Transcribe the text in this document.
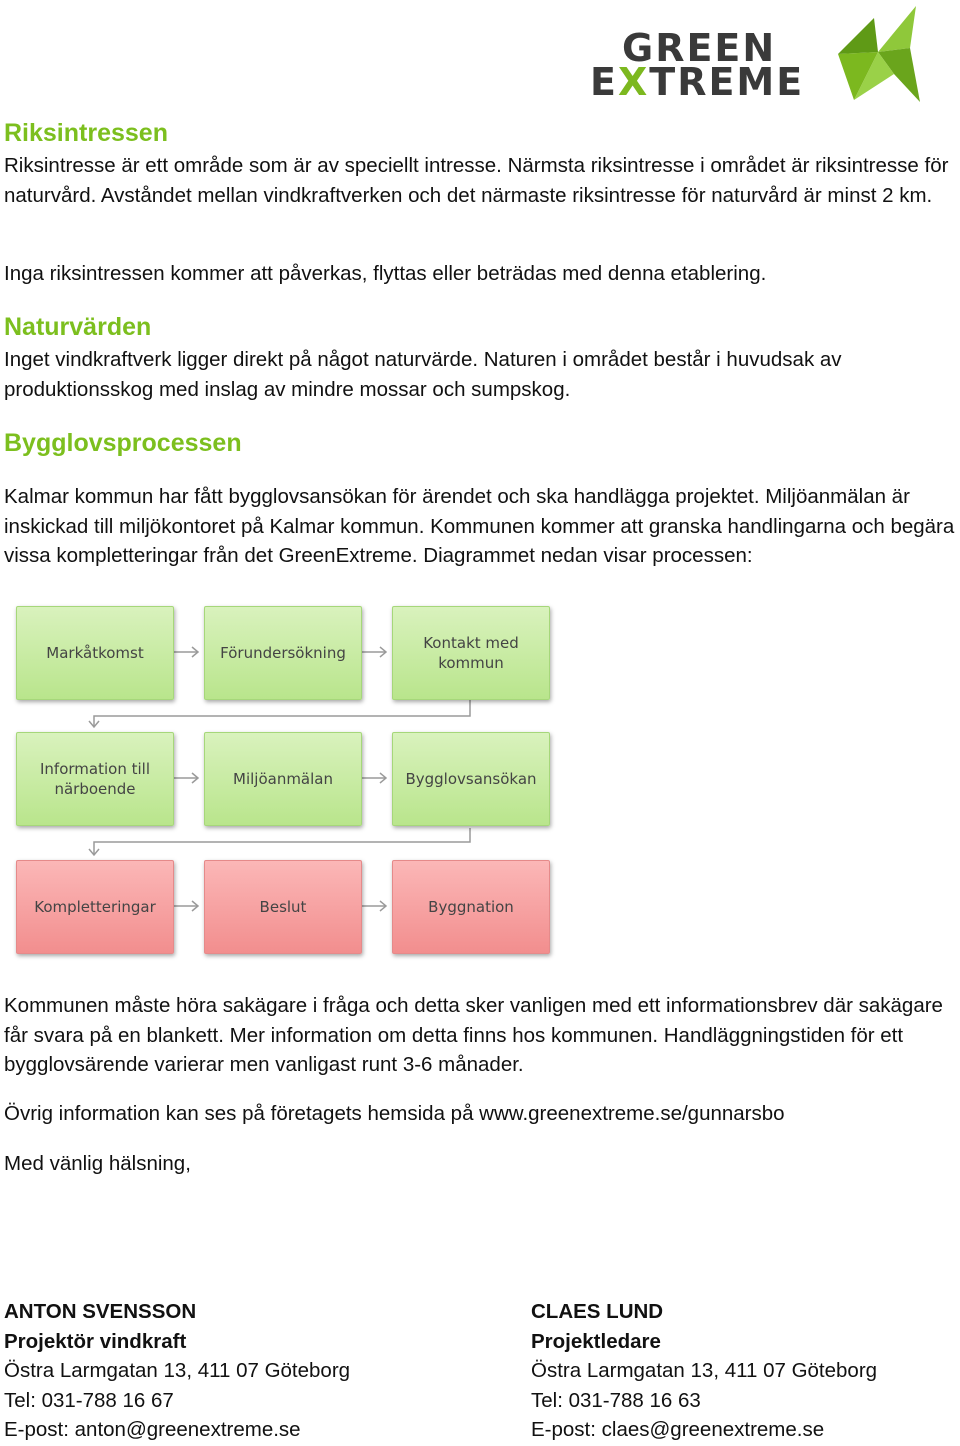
GREEN
EXTREME
Riksintressen

Riksintresse är ett område som är av speciellt intresse. Närmsta riksintresse i området är riksintresse för naturvård. Avståndet mellan vindkraftverken och det närmaste riksintresse för naturvård är minst 2 km.

Inga riksintressen kommer att påverkas, flyttas eller beträdas med denna etablering.

Naturvärden

Inget vindkraftverk ligger direkt på något naturvärde. Naturen i området består i huvudsak av produktionsskog med inslag av mindre mossar och sumpskog.

Bygglovsprocessen

Kalmar kommun har fått bygglovsansökan för ärendet och ska handlägga projektet. Miljöanmälan är inskickad till miljökontoret på Kalmar kommun. Kommunen kommer att granska handlingarna och begära vissa kompletteringar från det GreenExtreme. Diagrammet nedan visar processen:

Markåtkomst	Förundersökning
Kontakt med kommun
Information till närboende
Miljöanmälan	Bygglovsansökan
Kompletteringar	Beslut	Byggnation

Kommunen måste höra sakägare i fråga och detta sker vanligen med ett informationsbrev där sakägare får svara på en blankett. Mer information om detta finns hos kommunen. Handläggningstiden för ett bygglovsärende varierar men vanligast runt 3-6 månader.

Övrig information kan ses på företagets hemsida på www.greenextreme.se/gunnarsbo

Med vänlig hälsning,

ANTON SVENSSON
Projektör vindkraft
Östra Larmgatan 13, 411 07 Göteborg
Tel: 031-788 16 67
E-post: anton@greenextreme.se
CLAES LUND
Projektledare
Östra Larmgatan 13, 411 07 Göteborg
Tel: 031-788 16 63
E-post: claes@greenextreme.se
